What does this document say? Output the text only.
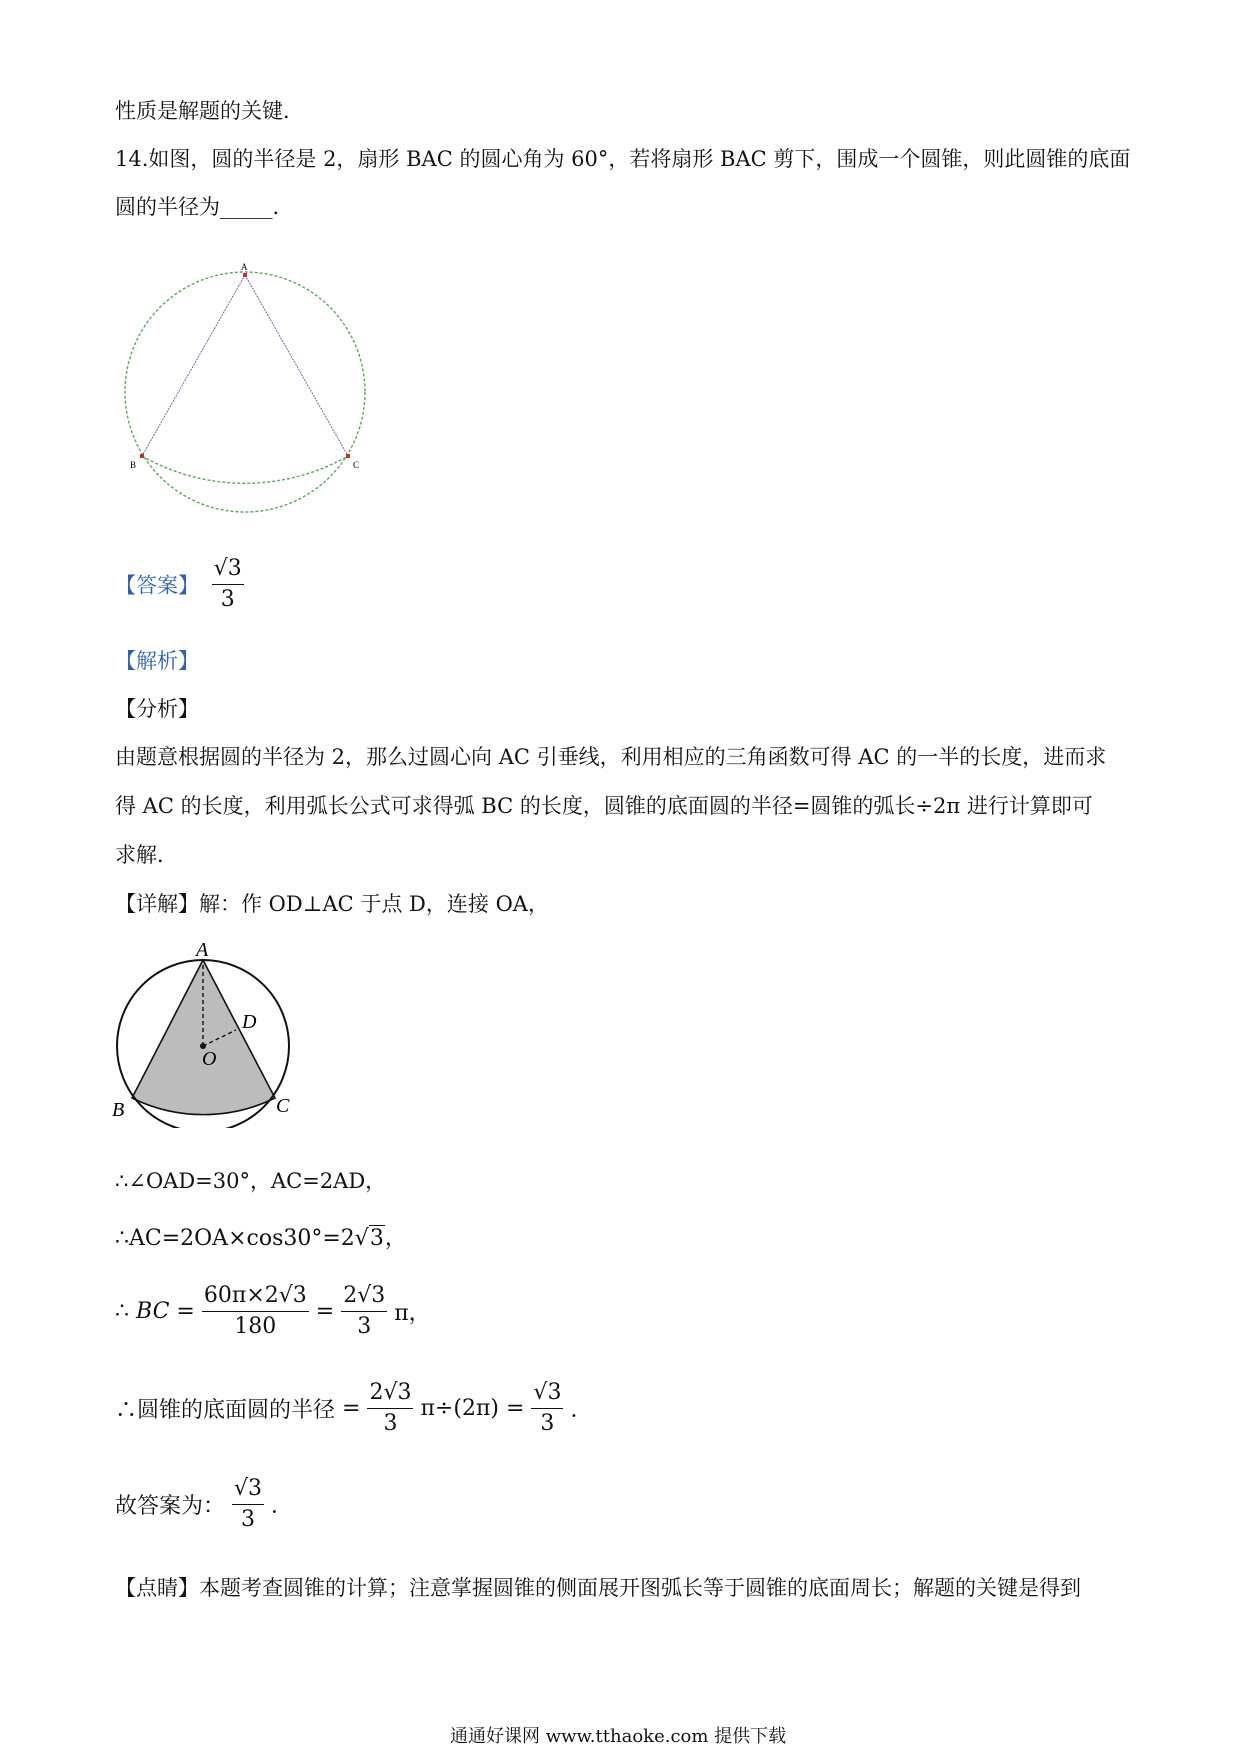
性质是解题的关键．
14.如图，圆的半径是 2，扇形 BAC 的圆心角为 60°，若将扇形 BAC 剪下，围成一个圆锥，则此圆锥的底面
圆的半径为_____．
A
B	C
【答案】 $\frac{√3}{3}$
【解析】
【分析】
由题意根据圆的半径为 2，那么过圆心向 AC 引垂线，利用相应的三角函数可得 AC 的一半的长度，进而求
得 AC 的长度，利用弧长公式可求得弧 BC 的长度，圆锥的底面圆的半径=圆锥的弧长÷2π 进行计算即可
求解．
【详解】解：作 OD⊥AC 于点 D，连接 OA，
A
D
O
B	C
∴∠OAD=30°，AC=2AD，
∴AC=2OA×cos30°=2√3，
∴ BC = $\frac{60\pi\times 2√3}{180} = \frac{2√3}{3}$ π，
∴圆锥的底面圆的半径 = $\frac{2√3}{3} \pi\div(2\pi) = \frac{√3}{3}$ ．
故答案为： $\frac{√3}{3}$ ．
【点睛】本题考查圆锥的计算；注意掌握圆锥的侧面展开图弧长等于圆锥的底面周长；解题的关键是得到
通通好课网 www.tthaoke.com 提供下载
